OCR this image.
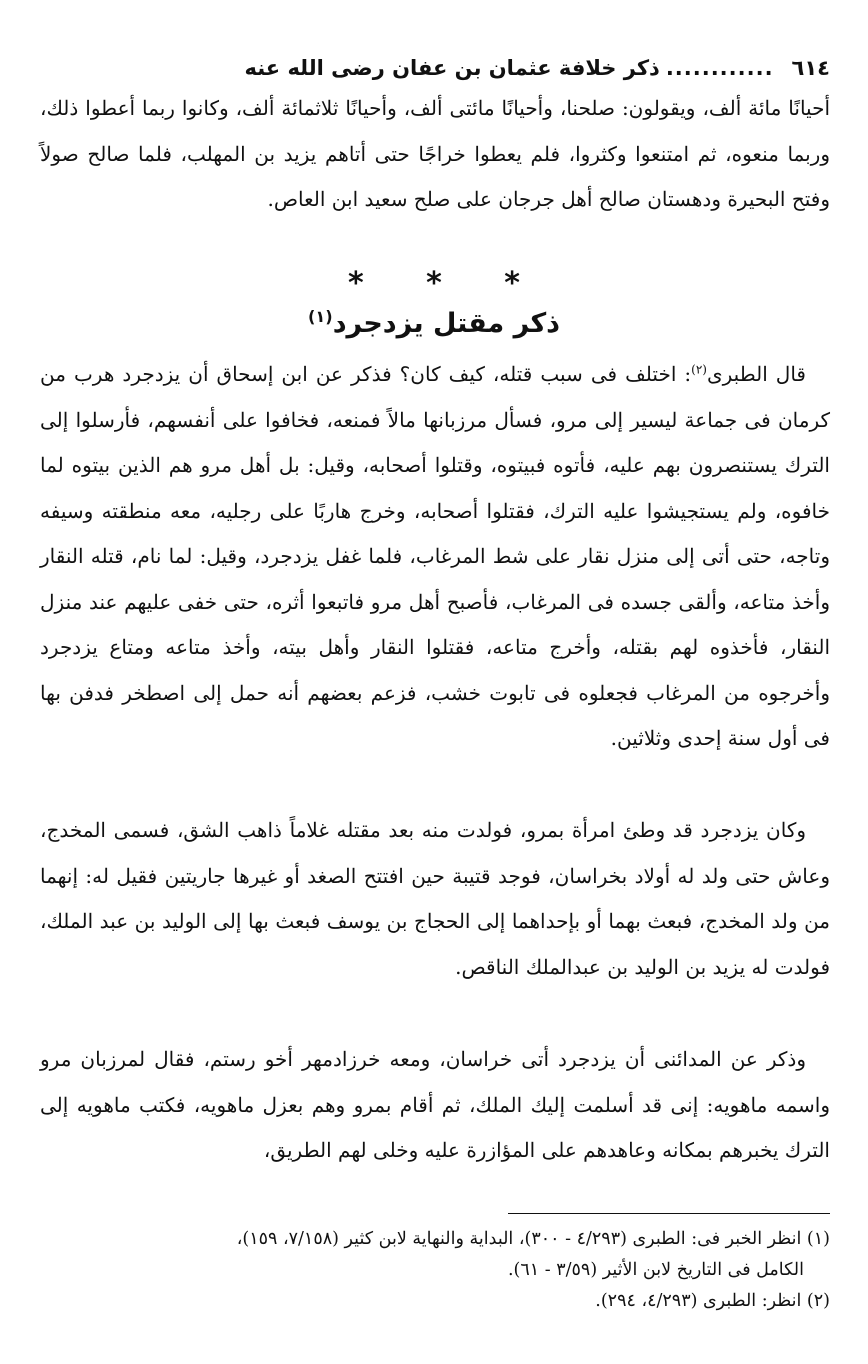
٦١٤
............
ذكر خلافة عثمان بن عفان رضى الله عنه

أحيانًا مائة ألف، ويقولون: صلحنا، وأحيانًا مائتى ألف، وأحيانًا ثلاثمائة ألف، وكانوا ربما أعطوا ذلك، وربما منعوه، ثم امتنعوا وكثروا، فلم يعطوا خراجًا حتى أتاهم يزيد بن المهلب، فلما صالح صولاً وفتح البحيرة ودهستان صالح أهل جرجان على صلح سعيد ابن العاص.

* * *
ذكر مقتل يزدجرد$^{(١)}$

قال الطبرى$^{(٢)}$: اختلف فى سبب قتله، كيف كان؟ فذكر عن ابن إسحاق أن يزدجرد هرب من كرمان فى جماعة ليسير إلى مرو، فسأل مرزبانها مالاً فمنعه، فخافوا على أنفسهم، فأرسلوا إلى الترك يستنصرون بهم عليه، فأتوه فبيتوه، وقتلوا أصحابه، وقيل: بل أهل مرو هم الذين بيتوه لما خافوه، ولم يستجيشوا عليه الترك، فقتلوا أصحابه، وخرج هاربًا على رجليه، معه منطقته وسيفه وتاجه، حتى أتى إلى منزل نقار على شط المرغاب، فلما غفل يزدجرد، وقيل: لما نام، قتله النقار وأخذ متاعه، وألقى جسده فى المرغاب، فأصبح أهل مرو فاتبعوا أثره، حتى خفى عليهم عند منزل النقار، فأخذوه لهم بقتله، وأخرج متاعه، فقتلوا النقار وأهل بيته، وأخذ متاعه ومتاع يزدجرد وأخرجوه من المرغاب فجعلوه فى تابوت خشب، فزعم بعضهم أنه حمل إلى اصطخر فدفن بها فى أول سنة إحدى وثلاثين.

وكان يزدجرد قد وطئ امرأة بمرو، فولدت منه بعد مقتله غلاماً ذاهب الشق، فسمى المخدج، وعاش حتى ولد له أولاد بخراسان، فوجد قتيبة حين افتتح الصغد أو غيرها جاريتين فقيل له: إنهما من ولد المخدج، فبعث بهما أو بإحداهما إلى الحجاج بن يوسف فبعث بها إلى الوليد بن عبد الملك، فولدت له يزيد بن الوليد بن عبدالملك الناقص.

وذكر عن المدائنى أن يزدجرد أتى خراسان، ومعه خرزادمهر أخو رستم، فقال لمرزبان مرو واسمه ماهويه: إنى قد أسلمت إليك الملك، ثم أقام بمرو وهم بعزل ماهويه، فكتب ماهويه إلى الترك يخبرهم بمكانه وعاهدهم على المؤازرة عليه وخلى لهم الطريق،

(١) انظر الخبر فى: الطبرى (٤/٢٩٣ - ٣٠٠)، البداية والنهاية لابن كثير (٧/١٥٨، ١٥٩)،
الكامل فى التاريخ لابن الأثير (٣/٥٩ - ٦١).

(٢) انظر: الطبرى (٤/٢٩٣، ٢٩٤).
